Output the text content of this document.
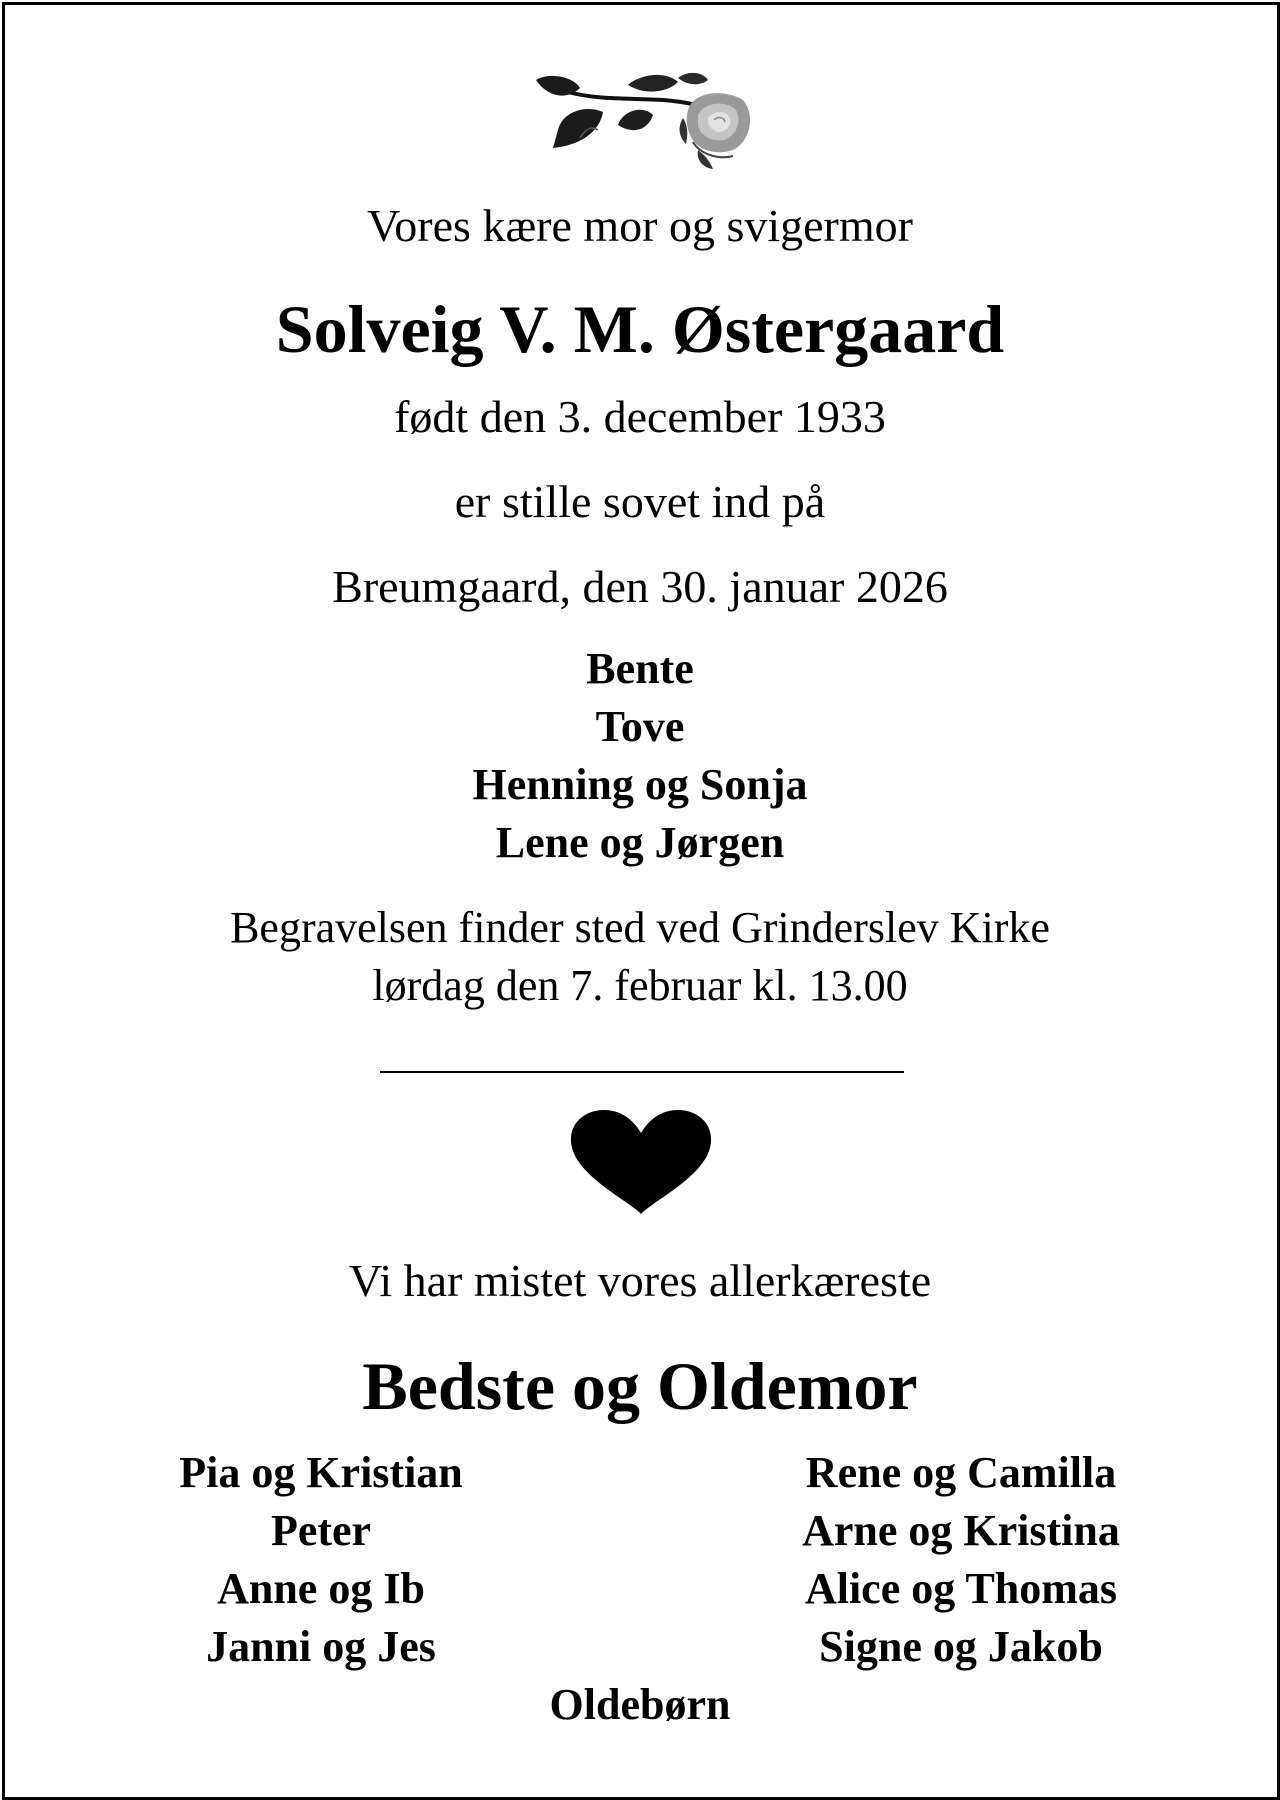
Vores kære mor og svigermor
Solveig V. M. Østergaard
født den 3. december 1933
er stille sovet ind på
Breumgaard, den 30. januar 2026
Bente
Tove
Henning og Sonja
Lene og Jørgen
Begravelsen finder sted ved Grinderslev Kirke
lørdag den 7. februar kl. 13.00
Vi har mistet vores allerkæreste
Bedste og Oldemor
Pia og Kristian
Peter
Anne og Ib
Janni og Jes
Rene og Camilla
Arne og Kristina
Alice og Thomas
Signe og Jakob
Oldebørn
